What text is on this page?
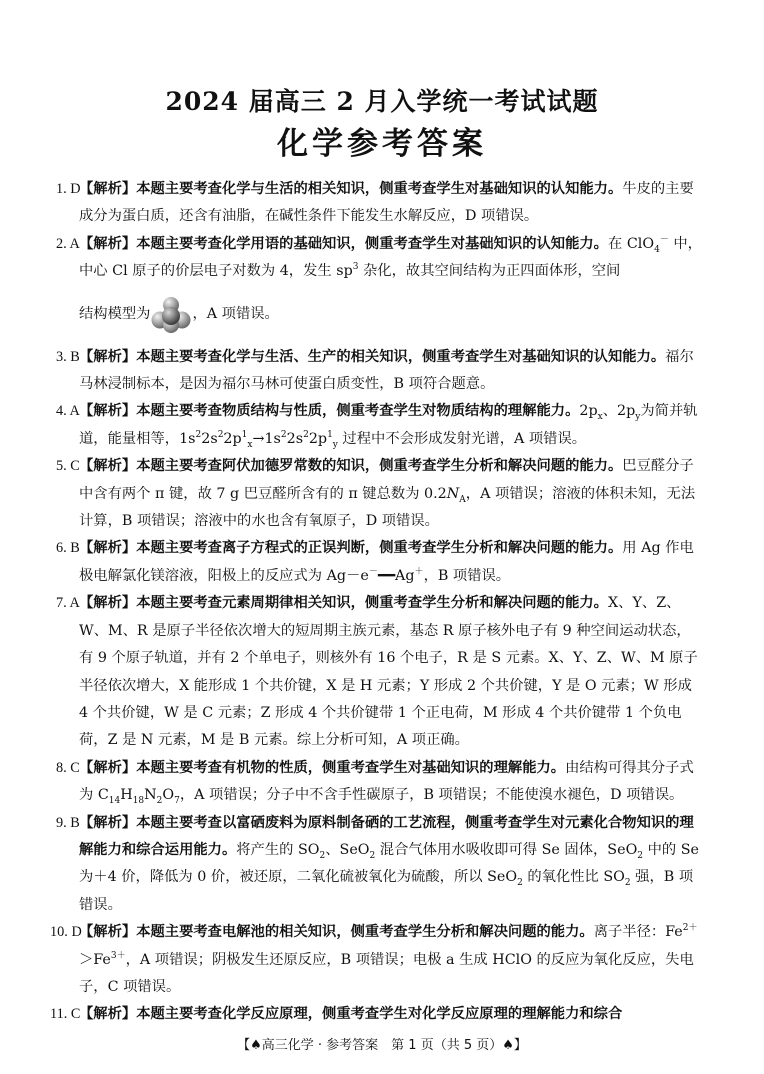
2024 届高三 2 月入学统一考试试题
化学参考答案
1. D
【解析】本题主要考查化学与生活的相关知识，侧重考查学生对基础知识的认知能力。牛皮的主要成分为蛋白质，还含有油脂，在碱性条件下能发生水解反应，D 项错误。
2. A 【解析】本题主要考查化学用语的基础知识，侧重考查学生对基础知识的认知能力。在 ClO$_4$－ 中，中心 Cl 原子的价层电子对数为 4，发生 $sp^3$ 杂化，故其空间结构为正四面体形，空间
结构模型为	，A 项错误。
3. B 【解析】本题主要考查化学与生活、生产的相关知识，侧重考查学生对基础知识的认知能力。福尔马林浸制标本，是因为福尔马林可使蛋白质变性，B 项符合题意。
4. A 【解析】本题主要考查物质结构与性质，侧重考查学生对物质结构的理解能力。$2p_x$、$2p_y$为简并轨道，能量相等，$1s^22s^22p^1_x\to 1s^22s^22p^1_y$ 过程中不会形成发射光谱，A 项错误。
5. C 【解析】本题主要考查阿伏加德罗常数的知识，侧重考查学生分析和解决问题的能力。巴豆醛分子中含有两个 π 键，故 7 g 巴豆醛所含有的 π 键总数为 $0.2N_A$，A 项错误；溶液的体积未知，无法计算，B 项错误；溶液中的水也含有氧原子，D 项错误。
6. B 【解析】本题主要考查离子方程式的正误判断，侧重考查学生分析和解决问题的能力。用 Ag 作电极电解氯化镁溶液，阳极上的反应式为 Ag－e－━━Ag＋，B 项错误。
7. A 【解析】本题主要考查元素周期律相关知识，侧重考查学生分析和解决问题的能力。X、Y、Z、W、M、R 是原子半径依次增大的短周期主族元素，基态 R 原子核外电子有 9 种空间运动状态，有 9 个原子轨道，并有 2 个单电子，则核外有 16 个电子，R 是 S 元素。X、Y、Z、W、M 原子半径依次增大，X 能形成 1 个共价键，X 是 H 元素；Y 形成 2 个共价键，Y 是 O 元素；W 形成 4 个共价键，W 是 C 元素；Z 形成 4 个共价键带 1 个正电荷，M 形成 4 个共价键带 1 个负电荷，Z 是 N 元素，M 是 B 元素。综上分析可知，A 项正确。
8. C 【解析】本题主要考查有机物的性质，侧重考查学生对基础知识的理解能力。由结构可得其分子式为 $C_{14}H_{18}N_2O_7$，A 项错误；分子中不含手性碳原子，B 项错误；不能使溴水褪色，D 项错误。
9. B 【解析】本题主要考查以富硒废料为原料制备硒的工艺流程，侧重考查学生对元素化合物知识的理解能力和综合运用能力。将产生的 $SO_2$、SeO$_2$ 混合气体用水吸收即可得 Se 固体，SeO$_2$ 中的 Se 为＋4 价，降低为 0 价，被还原，二氧化硫被氧化为硫酸，所以 SeO$_2$ 的氧化性比 $SO_2$ 强，B 项错误。
10. D
【解析】本题主要考查电解池的相关知识，侧重考查学生分析和解决问题的能力。离子半径：$Fe^{2+}>Fe^{3+}$，A 项错误；阴极发生还原反应，B 项错误；电极 a 生成 HClO 的反应为氧化反应，失电子，C 项错误。
11. C
【解析】本题主要考查化学反应原理，侧重考查学生对化学反应原理的理解能力和综合
【♠高三化学 · 参考答案　第 1 页（共 5 页）♠】
